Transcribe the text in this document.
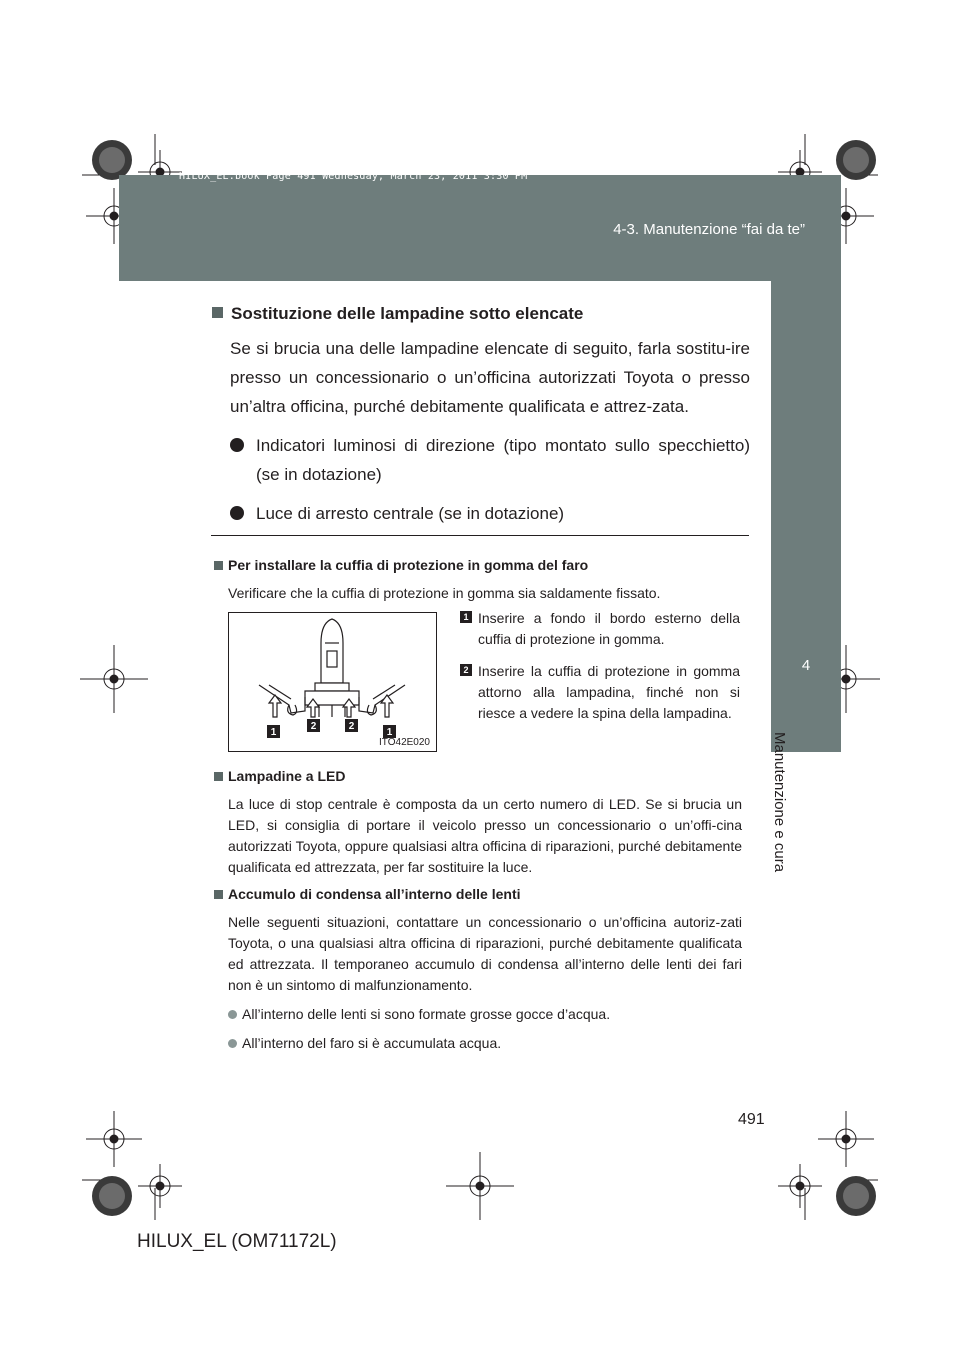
HILUX_EL.book Page 491 Wednesday, March 23, 2011 3:30 PM
4-3. Manutenzione “fai da te”
4
Manutenzione e cura
Sostituzione delle lampadine sotto elencate

Se si brucia una delle lampadine elencate di seguito, farla sostitu-ire presso un concessionario o un’officina autorizzati Toyota o presso un’altra officina, purché debitamente qualificata e attrez-zata.

Indicatori luminosi di direzione (tipo montato sullo specchietto) (se in dotazione)
Luce di arresto centrale (se in dotazione)
Per installare la cuffia di protezione in gomma del faro

Verificare che la cuffia di protezione in gomma sia saldamente fissato.

1
2	2
1
ITO42E020
1 Inserire a fondo il bordo esterno della cuffia di protezione in gomma.
2 Inserire la cuffia di protezione in gomma attorno alla lampadina, finché non si riesce a vedere la spina della lampadina.
Lampadine a LED

La luce di stop centrale è composta da un certo numero di LED. Se si brucia un LED, si consiglia di portare il veicolo presso un concessionario o un’offi-cina autorizzati Toyota, oppure qualsiasi altra officina di riparazioni, purché debitamente qualificata ed attrezzata, per far sostituire la luce.

Accumulo di condensa all’interno delle lenti

Nelle seguenti situazioni, contattare un concessionario o un’officina autoriz-zati Toyota, o una qualsiasi altra officina di riparazioni, purché debitamente qualificata ed attrezzata. Il temporaneo accumulo di condensa all’interno delle lenti dei fari non è un sintomo di malfunzionamento.

All’interno delle lenti si sono formate grosse gocce d’acqua.
All’interno del faro si è accumulata acqua.
491
HILUX_EL (OM71172L)
